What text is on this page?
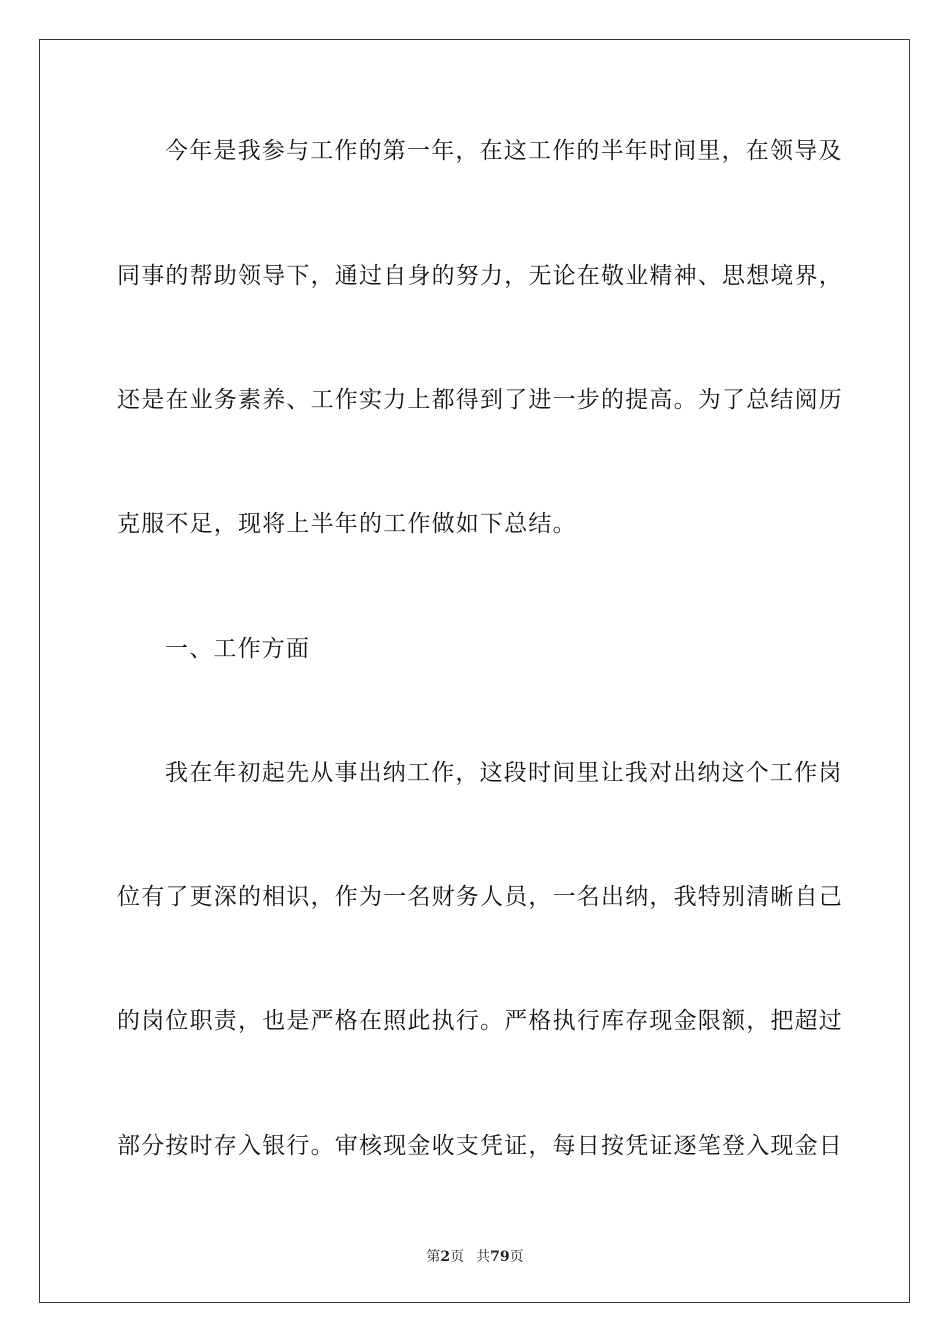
今年是我参与工作的第一年，在这工作的半年时间里，在领导及
同事的帮助领导下，通过自身的努力，无论在敬业精神、思想境界，
还是在业务素养、工作实力上都得到了进一步的提高。为了总结阅历
克服不足，现将上半年的工作做如下总结。
一、工作方面
我在年初起先从事出纳工作，这段时间里让我对出纳这个工作岗
位有了更深的相识，作为一名财务人员，一名出纳，我特别清晰自己
的岗位职责，也是严格在照此执行。严格执行库存现金限额，把超过
部分按时存入银行。审核现金收支凭证，每日按凭证逐笔登入现金日
第2页 共79页
